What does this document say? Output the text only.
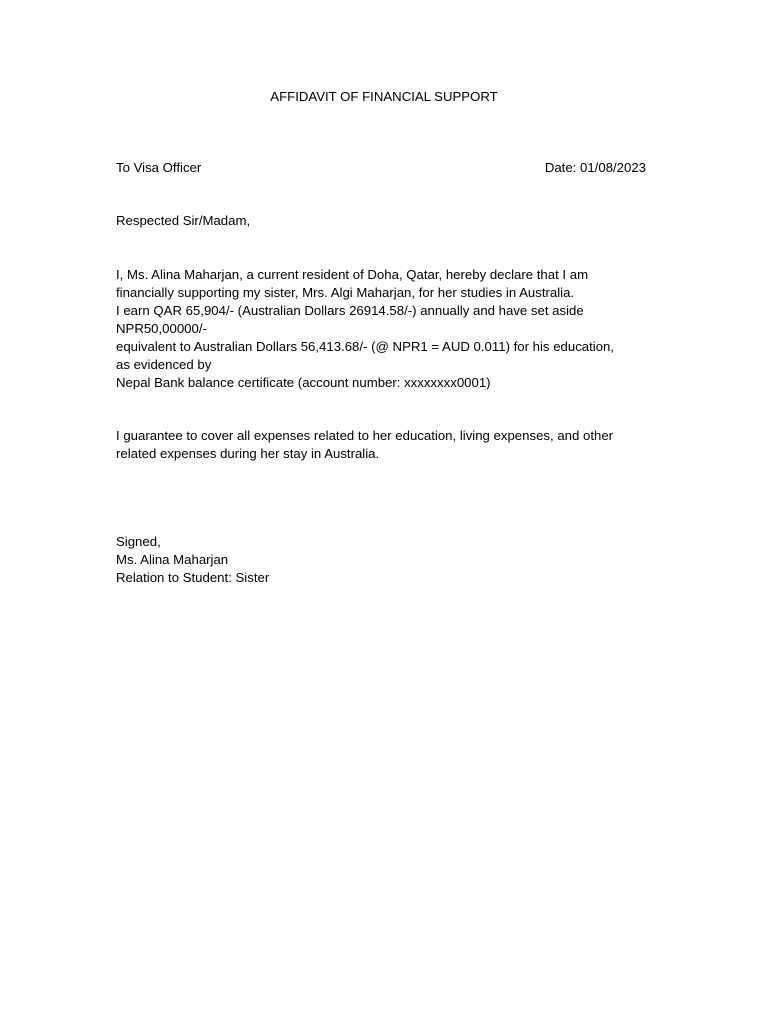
AFFIDAVIT OF FINANCIAL SUPPORT
To Visa Officer	Date: 01/08/2023
Respected Sir/Madam,
I, Ms. Alina Maharjan, a current resident of Doha, Qatar, hereby declare that I am
financially supporting my sister, Mrs. Algi Maharjan, for her studies in Australia.
I earn QAR 65,904/- (Australian Dollars 26914.58/-) annually and have set aside
NPR50,00000/-
equivalent to Australian Dollars 56,413.68/- (@ NPR1 = AUD 0.011) for his education,
as evidenced by
Nepal Bank balance certificate (account number: xxxxxxxx0001)
I guarantee to cover all expenses related to her education, living expenses, and other
related expenses during her stay in Australia.
Signed,
Ms. Alina Maharjan
Relation to Student: Sister
